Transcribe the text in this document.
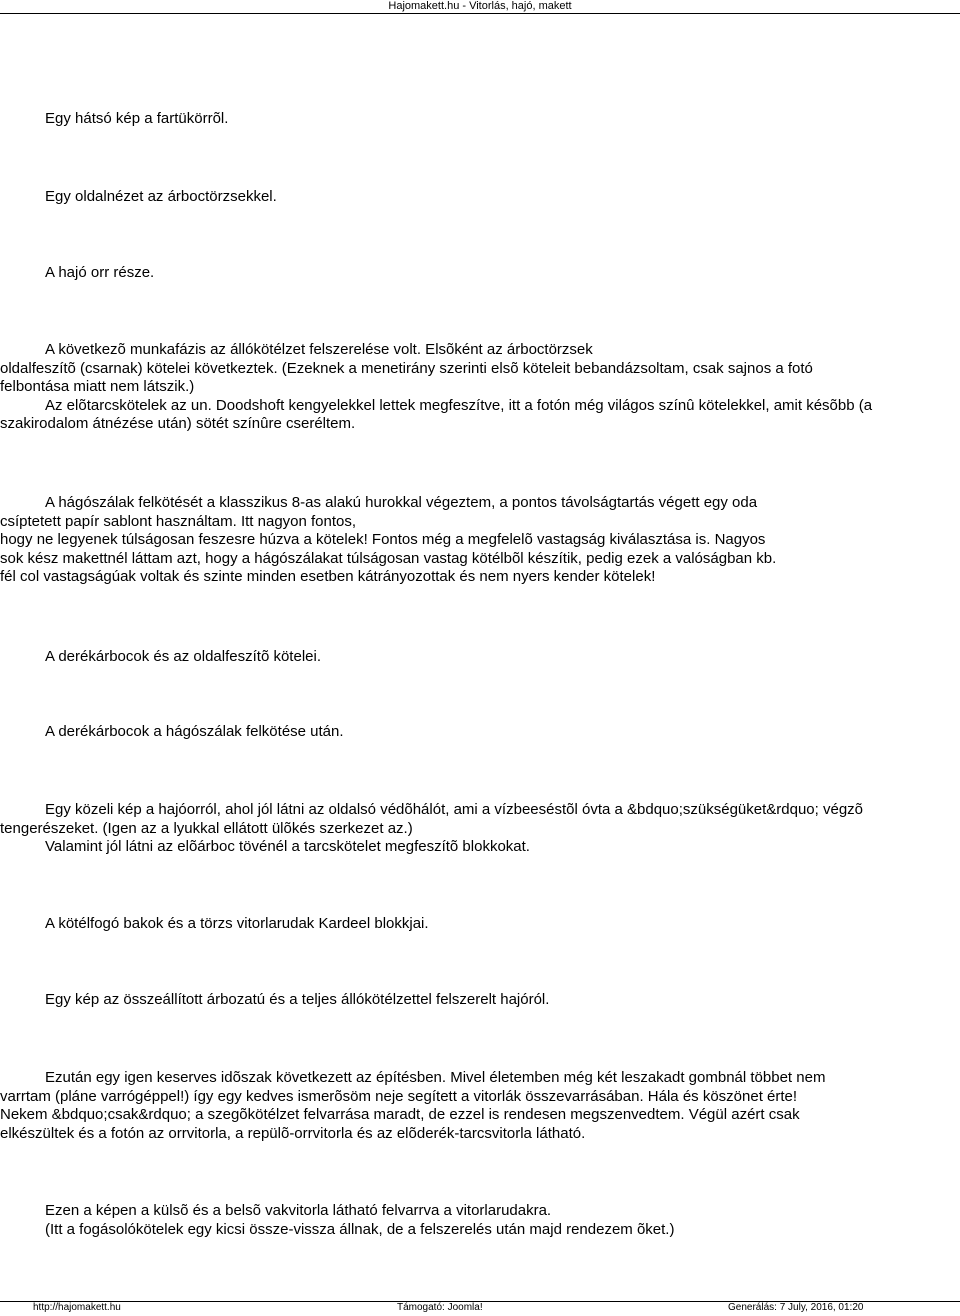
Hajomakett.hu - Vitorlás, hajó, makett
Egy hátsó kép a fartükörrõl.
Egy oldalnézet az árboctörzsekkel.
A hajó orr része.
A következõ munkafázis az állókötélzet felszerelése volt. Elsõként az árboctörzsek
oldalfeszítõ (csarnak) kötelei következtek. (Ezeknek a menetirány szerinti elsõ köteleit bebandázsoltam, csak sajnos a fotó
felbontása miatt nem látszik.)
Az elõtarcskötelek az un. Doodshoft kengyelekkel lettek megfeszítve, itt a fotón még világos színû kötelekkel, amit késõbb (a
szakirodalom átnézése után) sötét színûre cseréltem.
A hágószálak felkötését a klasszikus 8-as alakú hurokkal végeztem, a pontos távolságtartás végett egy oda
csíptetett papír sablont használtam. Itt nagyon fontos,
hogy ne legyenek túlságosan feszesre húzva a kötelek! Fontos még a megfelelõ vastagság kiválasztása is. Nagyos
sok kész makettnél láttam azt, hogy a hágószálakat túlságosan vastag kötélbõl készítik, pedig ezek a valóságban kb.
fél col vastagságúak voltak és szinte minden esetben kátrányozottak és nem nyers kender kötelek!
A derékárbocok és az oldalfeszítõ kötelei.
A derékárbocok a hágószálak felkötése után.
Egy közeli kép a hajóorról, ahol jól látni az oldalsó védõhálót, ami a vízbeeséstõl óvta a &bdquo;szükségüket&rdquo; végzõ
tengerészeket. (Igen az a lyukkal ellátott ülõkés szerkezet az.)
Valamint jól látni az elõárboc tövénél a tarcskötelet megfeszítõ blokkokat.
A kötélfogó bakok és a törzs vitorlarudak Kardeel blokkjai.
Egy kép az összeállított árbozatú és a teljes állókötélzettel felszerelt hajóról.
Ezután egy igen keserves idõszak következett az építésben. Mivel életemben még két leszakadt gombnál többet nem
varrtam (pláne varrógéppel!) így egy kedves ismerõsöm neje segített a vitorlák összevarrásában. Hála és köszönet érte!
Nekem &bdquo;csak&rdquo; a szegõkötélzet felvarrása maradt, de ezzel is rendesen megszenvedtem. Végül azért csak
elkészültek és a fotón az orrvitorla, a repülõ-orrvitorla és az elõderék-tarcsvitorla látható.
Ezen a képen a külsõ és a belsõ vakvitorla látható felvarrva a vitorlarudakra.
(Itt a fogásolókötelek egy kicsi össze-vissza állnak, de a felszerelés után majd rendezem õket.)
http://hajomakett.hu	Támogató: Joomla!	Generálás: 7 July, 2016, 01:20
